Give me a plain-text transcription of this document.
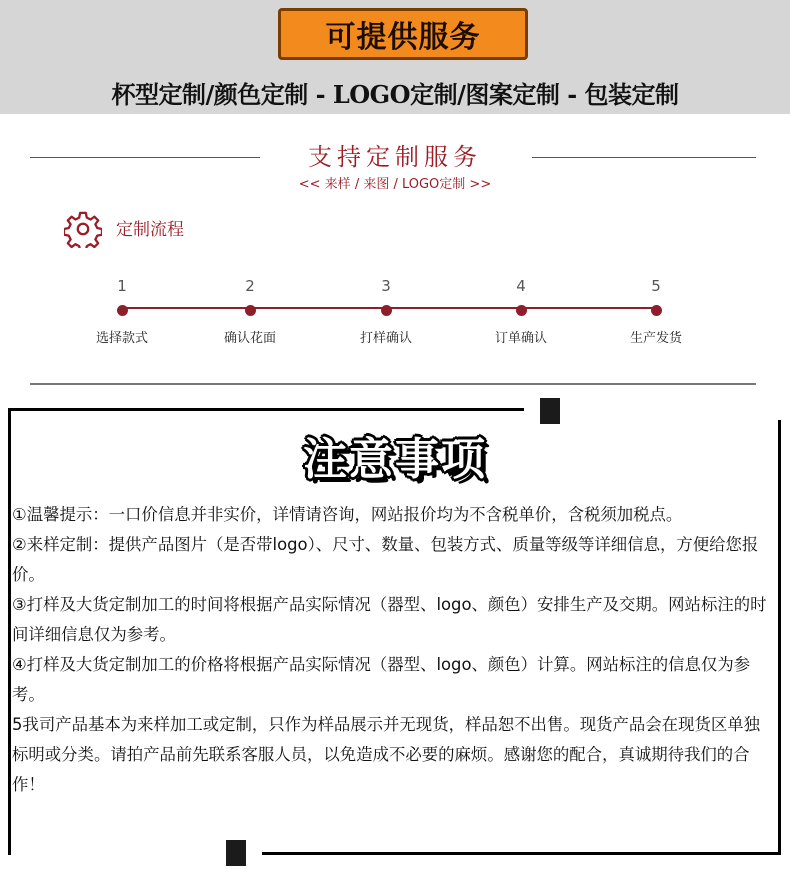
可提供服务
杯型定制/颜色定制 - LOGO定制/图案定制 - 包装定制
支持定制服务
<< 来样 / 来图 / LOGO定制 >>
定制流程
1
选择款式
2
确认花面
3
打样确认
4
订单确认
5
生产发货
注意事项

①温馨提示：一口价信息并非实价，详情请咨询，网站报价均为不含税单价，含税须加税点。

②来样定制：提供产品图片（是否带logo）、尺寸、数量、包装方式、质量等级等详细信息，方便给您报价。

③打样及大货定制加工的时间将根据产品实际情况（器型、logo、颜色）安排生产及交期。网站标注的时间详细信息仅为参考。

④打样及大货定制加工的价格将根据产品实际情况（器型、logo、颜色）计算。网站标注的信息仅为参考。

5我司产品基本为来样加工或定制，只作为样品展示并无现货，样品恕不出售。现货产品会在现货区单独标明或分类。请拍产品前先联系客服人员，以免造成不必要的麻烦。感谢您的配合，真诚期待我们的合作！
